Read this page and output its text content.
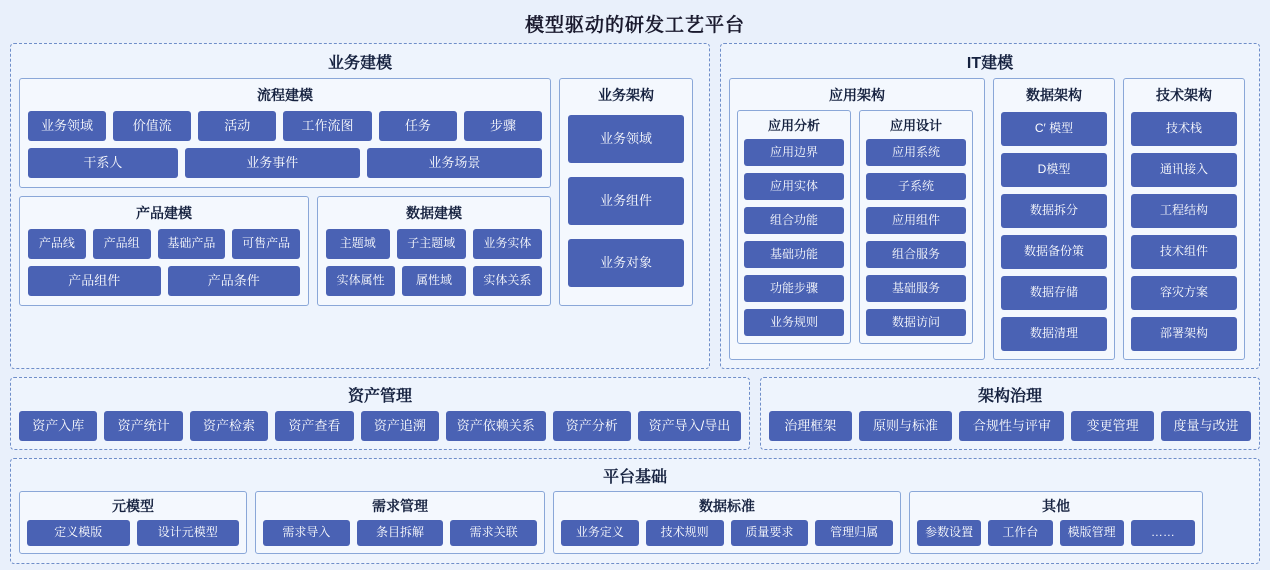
模型驱动的研发工艺平台
业务建模
流程建模
业务领域	价值流	活动	工作流图	任务	步骤
干系人	业务事件	业务场景
产品建模
产品线	产品组	基础产品	可售产品
产品组件	产品条件
数据建模
主题域	子主题域	业务实体
实体属性	属性域	实体关系
业务架构
业务领域
业务组件
业务对象
IT建模
应用架构
应用分析
应用边界
应用实体
组合功能
基础功能
功能步骤
业务规则
应用设计
应用系统
子系统
应用组件
组合服务
基础服务
数据访问
数据架构
C′ 模型
D模型
数据拆分
数据备份策
数据存储
数据清理
技术架构
技术栈
通讯接入
工程结构
技术组件
容灾方案
部署架构
资产管理
资产入库	资产统计	资产检索	资产查看	资产追溯	资产依赖关系	资产分析	资产导入/导出
架构治理
治理框架	原则与标准	合规性与评审	变更管理	度量与改进
平台基础
元模型
定义模版	设计元模型
需求管理
需求导入	条目拆解	需求关联
数据标准
业务定义	技术规则	质量要求	管理归属
其他
参数设置	工作台	模版管理	……
